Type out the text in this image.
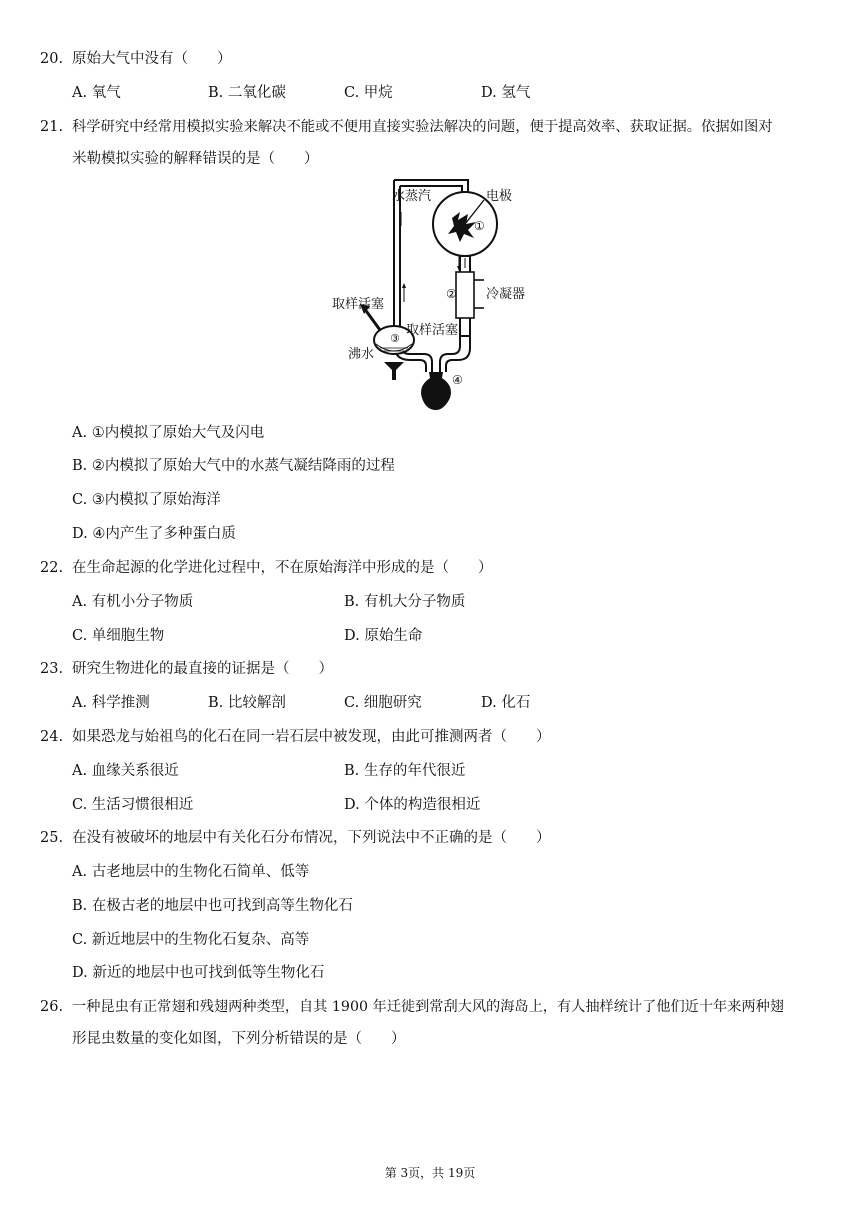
20. 原始大气中没有（　　）
A. 氧气	B. 二氧化碳	C. 甲烷	D. 氢气
21. 科学研究中经常用模拟实验来解决不能或不便用直接实验法解决的问题，便于提高效率、获取证据。依据如图对
米勒模拟实验的解释错误的是（　　）
水蒸汽	电极
冷凝器
取样活塞
取样活塞
沸水
①
②
③
④
A. ①内模拟了原始大气及闪电
B. ②内模拟了原始大气中的水蒸气凝结降雨的过程
C. ③内模拟了原始海洋
D. ④内产生了多种蛋白质
22. 在生命起源的化学进化过程中，不在原始海洋中形成的是（　　）
A. 有机小分子物质	B. 有机大分子物质
C. 单细胞生物	D. 原始生命
23. 研究生物进化的最直接的证据是（　　）
A. 科学推测	B. 比较解剖	C. 细胞研究	D. 化石
24. 如果恐龙与始祖鸟的化石在同一岩石层中被发现，由此可推测两者（　　）
A. 血缘关系很近	B. 生存的年代很近
C. 生活习惯很相近	D. 个体的构造很相近
25. 在没有被破坏的地层中有关化石分布情况，下列说法中不正确的是（　　）
A. 古老地层中的生物化石简单、低等
B. 在极古老的地层中也可找到高等生物化石
C. 新近地层中的生物化石复杂、高等
D. 新近的地层中也可找到低等生物化石
26. 一种昆虫有正常翅和残翅两种类型，自其 1900 年迁徙到常刮大风的海岛上，有人抽样统计了他们近十年来两种翅
形昆虫数量的变化如图，下列分析错误的是（　　）
第 3页，共 19页
